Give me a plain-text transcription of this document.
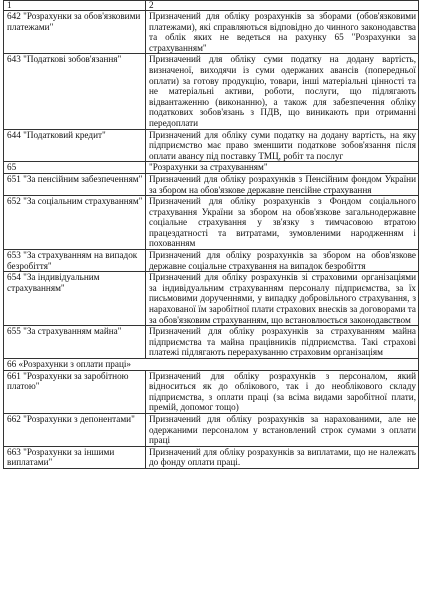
1	2
642 "Розрахунки за обов'язковими платежами"	Призначений для обліку розрахунків за зборами (обов'язковими платежами), які справляються відповідно до чинного законодавства та облік яких не ведеться на рахунку 65 "Розрахунки за страхуванням"
643 "Податкові зобов'язання"	Призначений для обліку суми податку на додану вартість, визначеної, виходячи із суми одержаних авансів (попередньої оплати) за готову продукцію, товари, інші матеріальні цінності та не матеріальні активи, роботи, послуги, що підлягають відвантаженню (виконанню), а також для забезпечення обліку податкових зобов'язань з ПДВ, що виникають при отриманні передоплати
644 "Податковий кредит"	Призначений для обліку суми податку на додану вартість, на яку підприємство має право зменшити податкове зобов'язання після оплати авансу під поставку ТМЦ, робіт та послуг
65	"Розрахунки за страхуванням"
651 "За пенсійним забезпеченням"	Призначений для обліку розрахунків з Пенсійним фондом України за збором на обов'язкове державне пенсійне страхування
652 "За соціальним страхуванням"	Призначений для обліку розрахунків з Фондом соціального страхування України за збором на обов'язкове загальнодержавне соціальне страхування у зв'язку з тимчасовою втратою працездатності та витратами, зумовленими народженням і похованням
653 "За страхуванням на випадок безробіття"	Призначений для обліку розрахунків за збором на обов'язкове державне соціальне страхування на випадок безробіття
654 "За індивідуальним страхуванням"	Призначений для обліку розрахунків зі страховими організаціями за індивідуальним страхуванням персоналу підприємства, за їх письмовими дорученнями, у випадку добровільного страхування, з нарахованої їм заробітної плати страхових внесків за договорами та за обов'язковим страхуванням, що встановлюється законодавством
655 "За страхуванням майна"	Призначений для обліку розрахунків за страхуванням майна підприємства та майна працівників підприємства. Такі страхові платежі підлягають перерахуванню страховим організаціям
66 «Розрахунки з оплати праці»	
661 "Розрахунки за заробітною платою"	Призначений для обліку розрахунків з персоналом, який відноситься як до облікового, так і до необлікового складу підприємства, з оплати праці (за всіма видами заробітної плати, премій, допомог тощо)
662 "Розрахунки з депонентами"	Призначений для обліку розрахунків за нарахованими, але не одержаними персоналом у встановлений строк сумами з оплати праці
663 "Розрахунки за іншими виплатами"	Призначений для обліку розрахунків за виплатами, що не належать до фонду оплати праці.
